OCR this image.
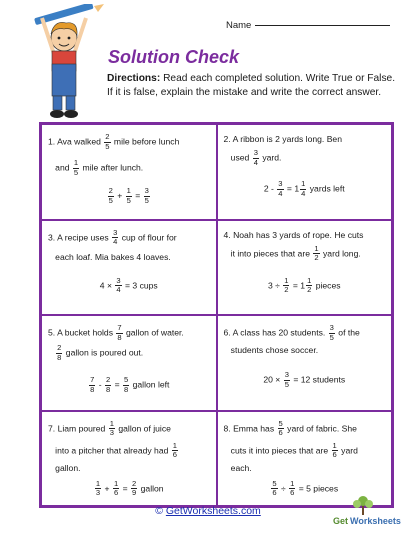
Name
Solution Check
Directions: Read each completed solution. Write True or False. If it is false, explain the mistake and write the correct answer.
1. Ava walked $\frac{2}{5}$ mile before lunch
and $\frac{1}{5}$ mile after lunch.
$\frac{2}{5} + \frac{1}{5} = \frac{3}{5}$
2. A ribbon is 2 yards long. Ben
used $\frac{3}{4}$ yard.
$2 - \frac{3}{4} = 1 \frac{1}{4}$ yards left
3. A recipe uses $\frac{3}{4}$ cup of flour for
each loaf. Mia bakes 4 loaves.
$4 \times \frac{3}{4} = 3$ cups
4. Noah has 3 yards of rope. He cuts
it into pieces that are $\frac{1}{2}$ yard long.
$3 \div \frac{1}{2} = 1 \frac{1}{2}$ pieces
5. A bucket holds $\frac{7}{8}$ gallon of water.

$\frac{2}{8}$ gallon is poured out.
$\frac{7}{8} - \frac{2}{8} = \frac{5}{8}$ gallon left
6. A class has 20 students. $\frac{3}{5}$ of the
students chose soccer.
$20 \times \frac{3}{5} = 12$ students
7. Liam poured $\frac{1}{3}$ gallon of juice
into a pitcher that already had $\frac{1}{6}$
gallon.
$\frac{1}{3} + \frac{1}{6} = \frac{2}{9}$ gallon
8. Emma has $\frac{5}{6}$ yard of fabric. She
cuts it into pieces that are $\frac{1}{6}$ yard
each.
$\frac{5}{6} \div \frac{1}{6} = 5$ pieces
© GetWorksheets.com
Get Worksheets
